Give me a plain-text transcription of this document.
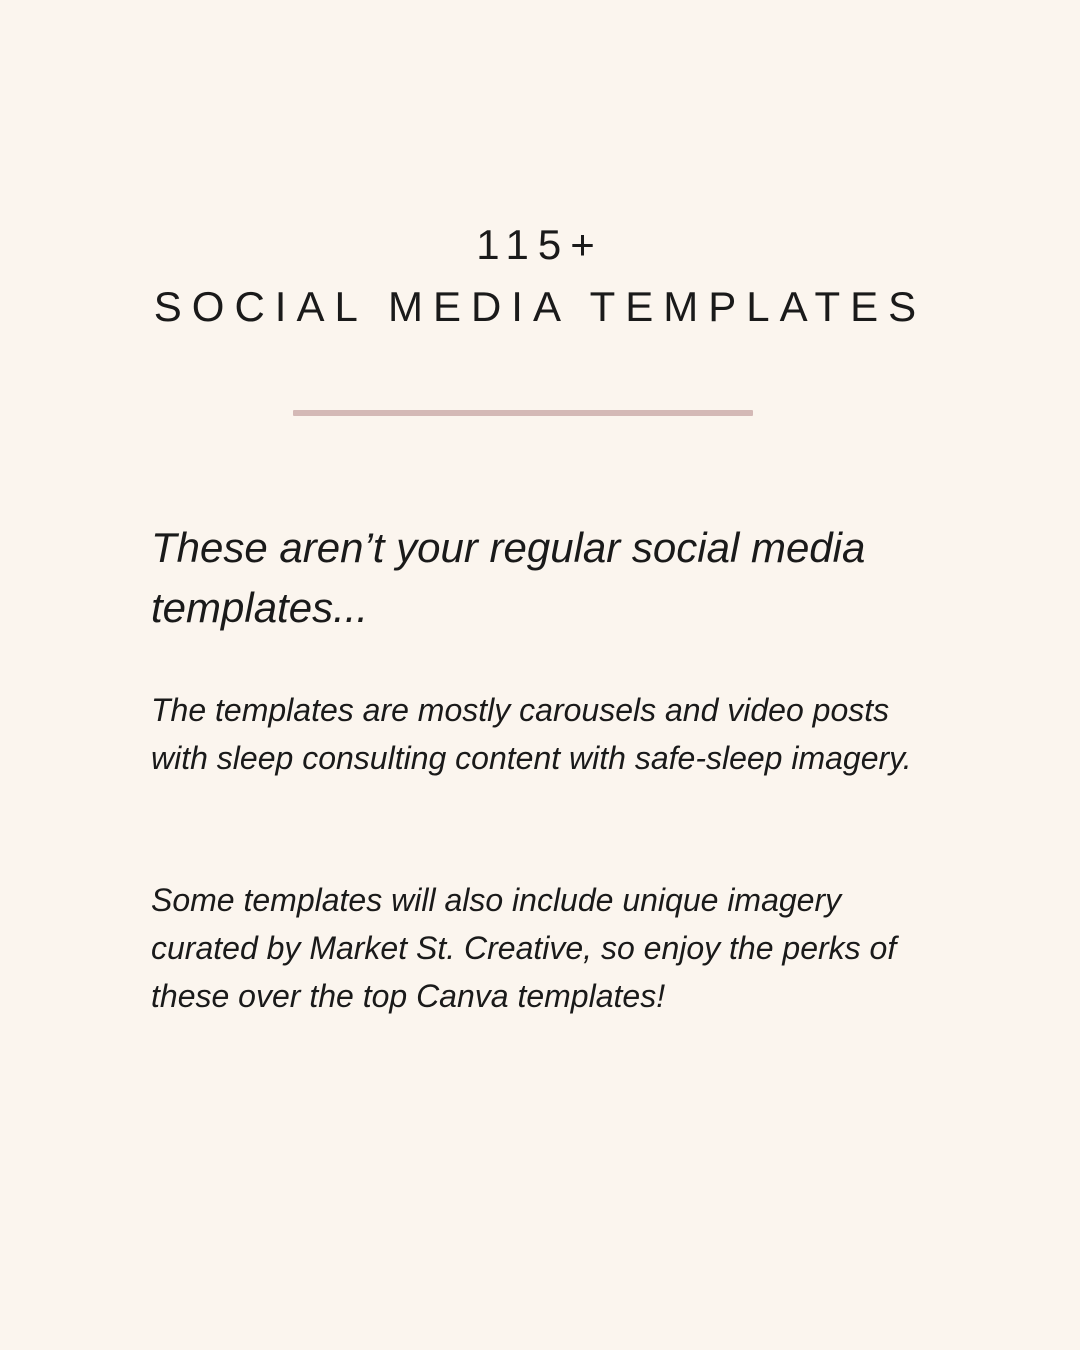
115+
SOCIAL MEDIA TEMPLATES

These aren’t your regular social media templates...

The templates are mostly carousels and video posts with sleep consulting content with safe-sleep imagery.

Some templates will also include unique imagery curated by Market St. Creative, so enjoy the perks of these over the top Canva templates!
